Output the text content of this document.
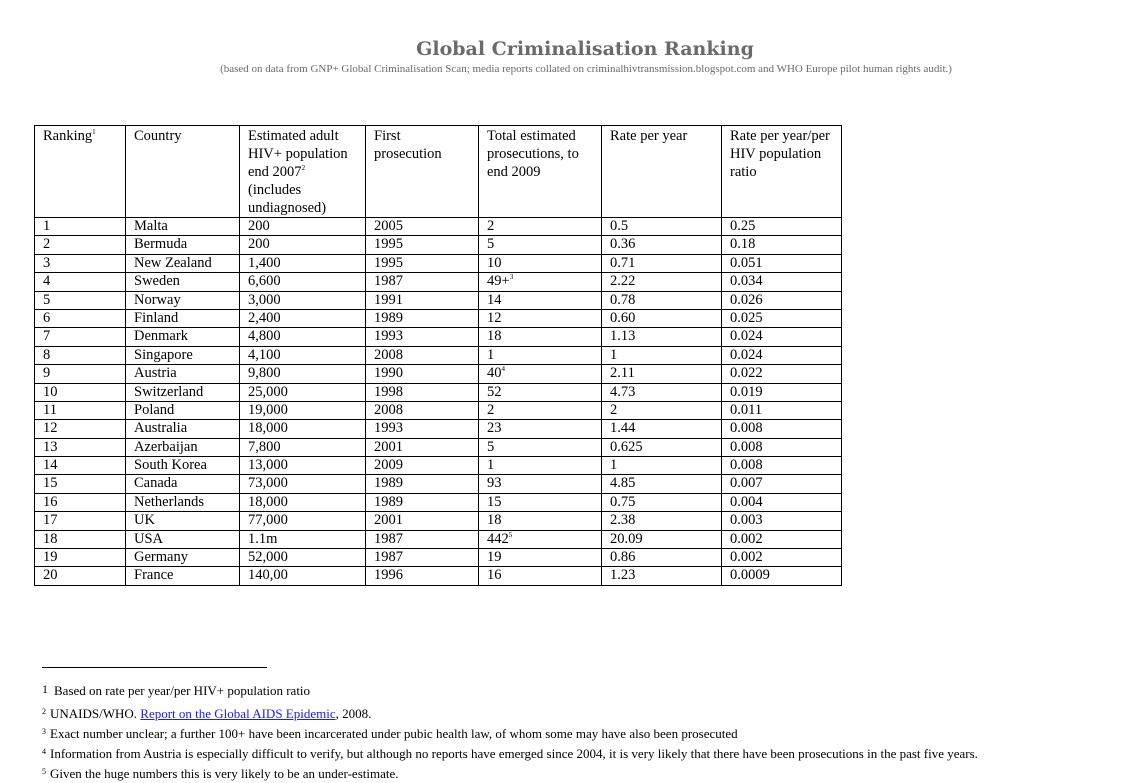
Global Criminalisation Ranking
(based on data from GNP+ Global Criminalisation Scan; media reports collated on criminalhivtransmission.blogspot.com and WHO Europe pilot human rights audit.)
Ranking$^1$	Country	Estimated adult HIV+ population end 2007$^2$ (includes undiagnosed)	First prosecution	Total estimated prosecutions, to end 2009	Rate per year	Rate per year/per HIV population ratio
1	Malta	200	2005	2	0.5	0.25
2	Bermuda	200	1995	5	0.36	0.18
3	New Zealand	1,400	1995	10	0.71	0.051
4	Sweden	6,600	1987	49+$^3$	2.22	0.034
5	Norway	3,000	1991	14	0.78	0.026
6	Finland	2,400	1989	12	0.60	0.025
7	Denmark	4,800	1993	18	1.13	0.024
8	Singapore	4,100	2008	1	1	0.024
9	Austria	9,800	1990	$40^4$	2.11	0.022
10	Switzerland	25,000	1998	52	4.73	0.019
11	Poland	19,000	2008	2	2	0.011
12	Australia	18,000	1993	23	1.44	0.008
13	Azerbaijan	7,800	2001	5	0.625	0.008
14	South Korea	13,000	2009	1	1	0.008
15	Canada	73,000	1989	93	4.85	0.007
16	Netherlands	18,000	1989	15	0.75	0.004
17	UK	77,000	2001	18	2.38	0.003
18	USA	1.1m	1987	$442^5$	20.09	0.002
19	Germany	52,000	1987	19	0.86	0.002
20	France	140,00	1996	16	1.23	0.0009
1 Based on rate per year/per HIV+ population ratio
$^2$ UNAIDS/WHO. Report on the Global AIDS Epidemic, 2008.
$^3$ Exact number unclear; a further 100+ have been incarcerated under pubic health law, of whom some may have also been prosecuted
$^4$ Information from Austria is especially difficult to verify, but although no reports have emerged since 2004, it is very likely that there have been prosecutions in the past five years.
$^5$ Given the huge numbers this is very likely to be an under-estimate.
